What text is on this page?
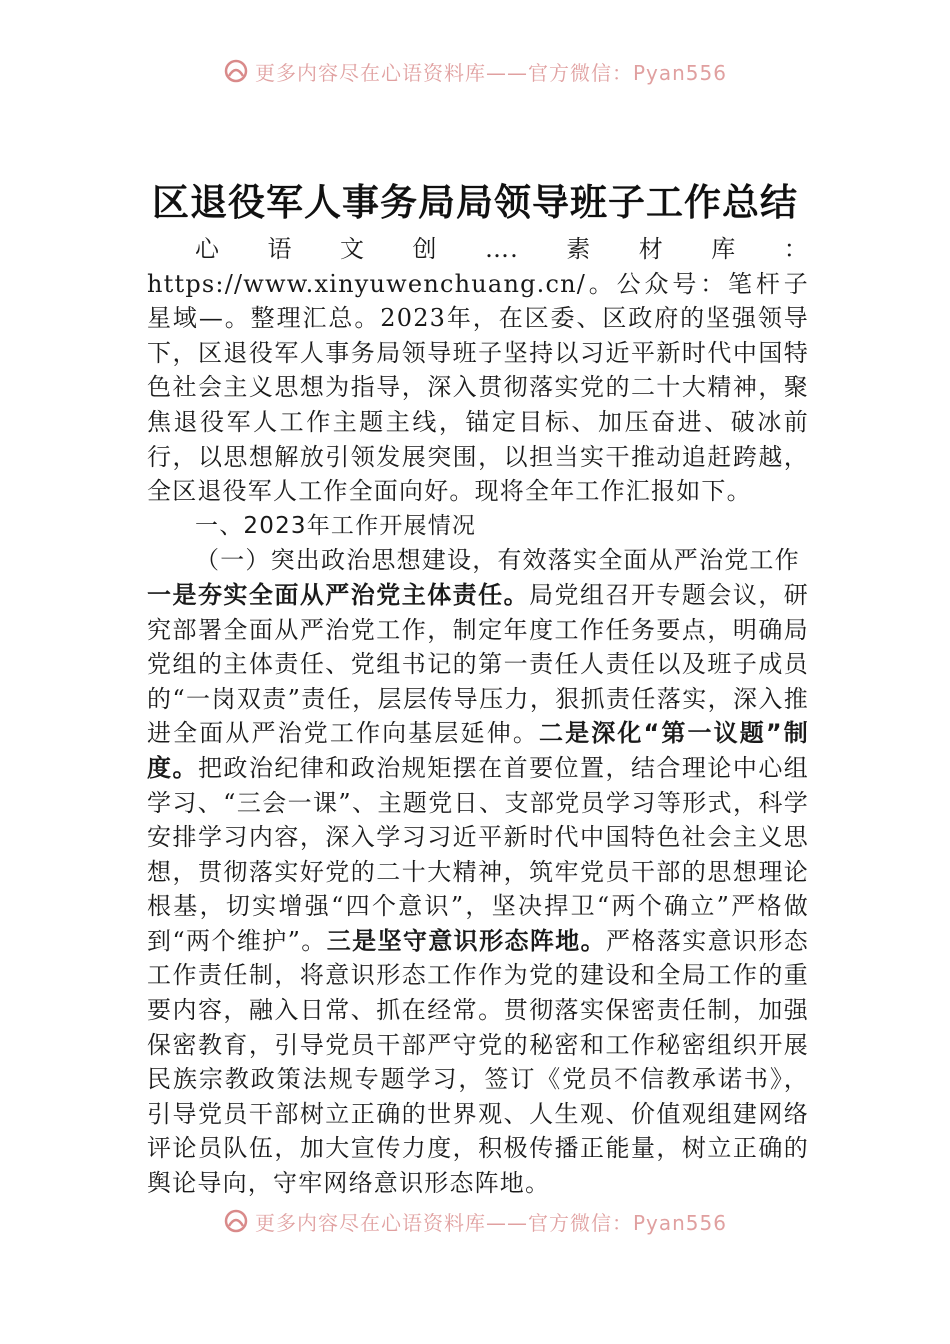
更多内容尽在心语资料库——官方微信：Pyan556
区退役军人事务局局领导班子工作总结

心语文创….素材库：https://www.xinyuwenchuang.cn/。公众号：笔杆子星域—。整理汇总。2023年，在区委、区政府的坚强领导下，区退役军人事务局领导班子坚持以习近平新时代中国特色社会主义思想为指导，深入贯彻落实党的二十大精神，聚焦退役军人工作主题主线，锚定目标、加压奋进、破冰前行，以思想解放引领发展突围，以担当实干推动追赶跨越，全区退役军人工作全面向好。现将全年工作汇报如下。

一、2023年工作开展情况

（一）突出政治思想建设，有效落实全面从严治党工作

一是夯实全面从严治党主体责任。局党组召开专题会议，研究部署全面从严治党工作，制定年度工作任务要点，明确局党组的主体责任、党组书记的第一责任人责任以及班子成员的“一岗双责”责任，层层传导压力，狠抓责任落实，深入推进全面从严治党工作向基层延伸。二是深化“第一议题”制度。把政治纪律和政治规矩摆在首要位置，结合理论中心组学习、“三会一课”、主题党日、支部党员学习等形式，科学安排学习内容，深入学习习近平新时代中国特色社会主义思想，贯彻落实好党的二十大精神，筑牢党员干部的思想理论根基，切实增强“四个意识”，坚决捍卫“两个确立”严格做到“两个维护”。三是坚守意识形态阵地。严格落实意识形态工作责任制，将意识形态工作作为党的建设和全局工作的重要内容，融入日常、抓在经常。贯彻落实保密责任制，加强保密教育，引导党员干部严守党的秘密和工作秘密组织开展民族宗教政策法规专题学习，签订《党员不信教承诺书》，引导党员干部树立正确的世界观、人生观、价值观组建网络评论员队伍，加大宣传力度，积极传播正能量，树立正确的舆论导向，守牢网络意识形态阵地。

更多内容尽在心语资料库——官方微信：Pyan556
